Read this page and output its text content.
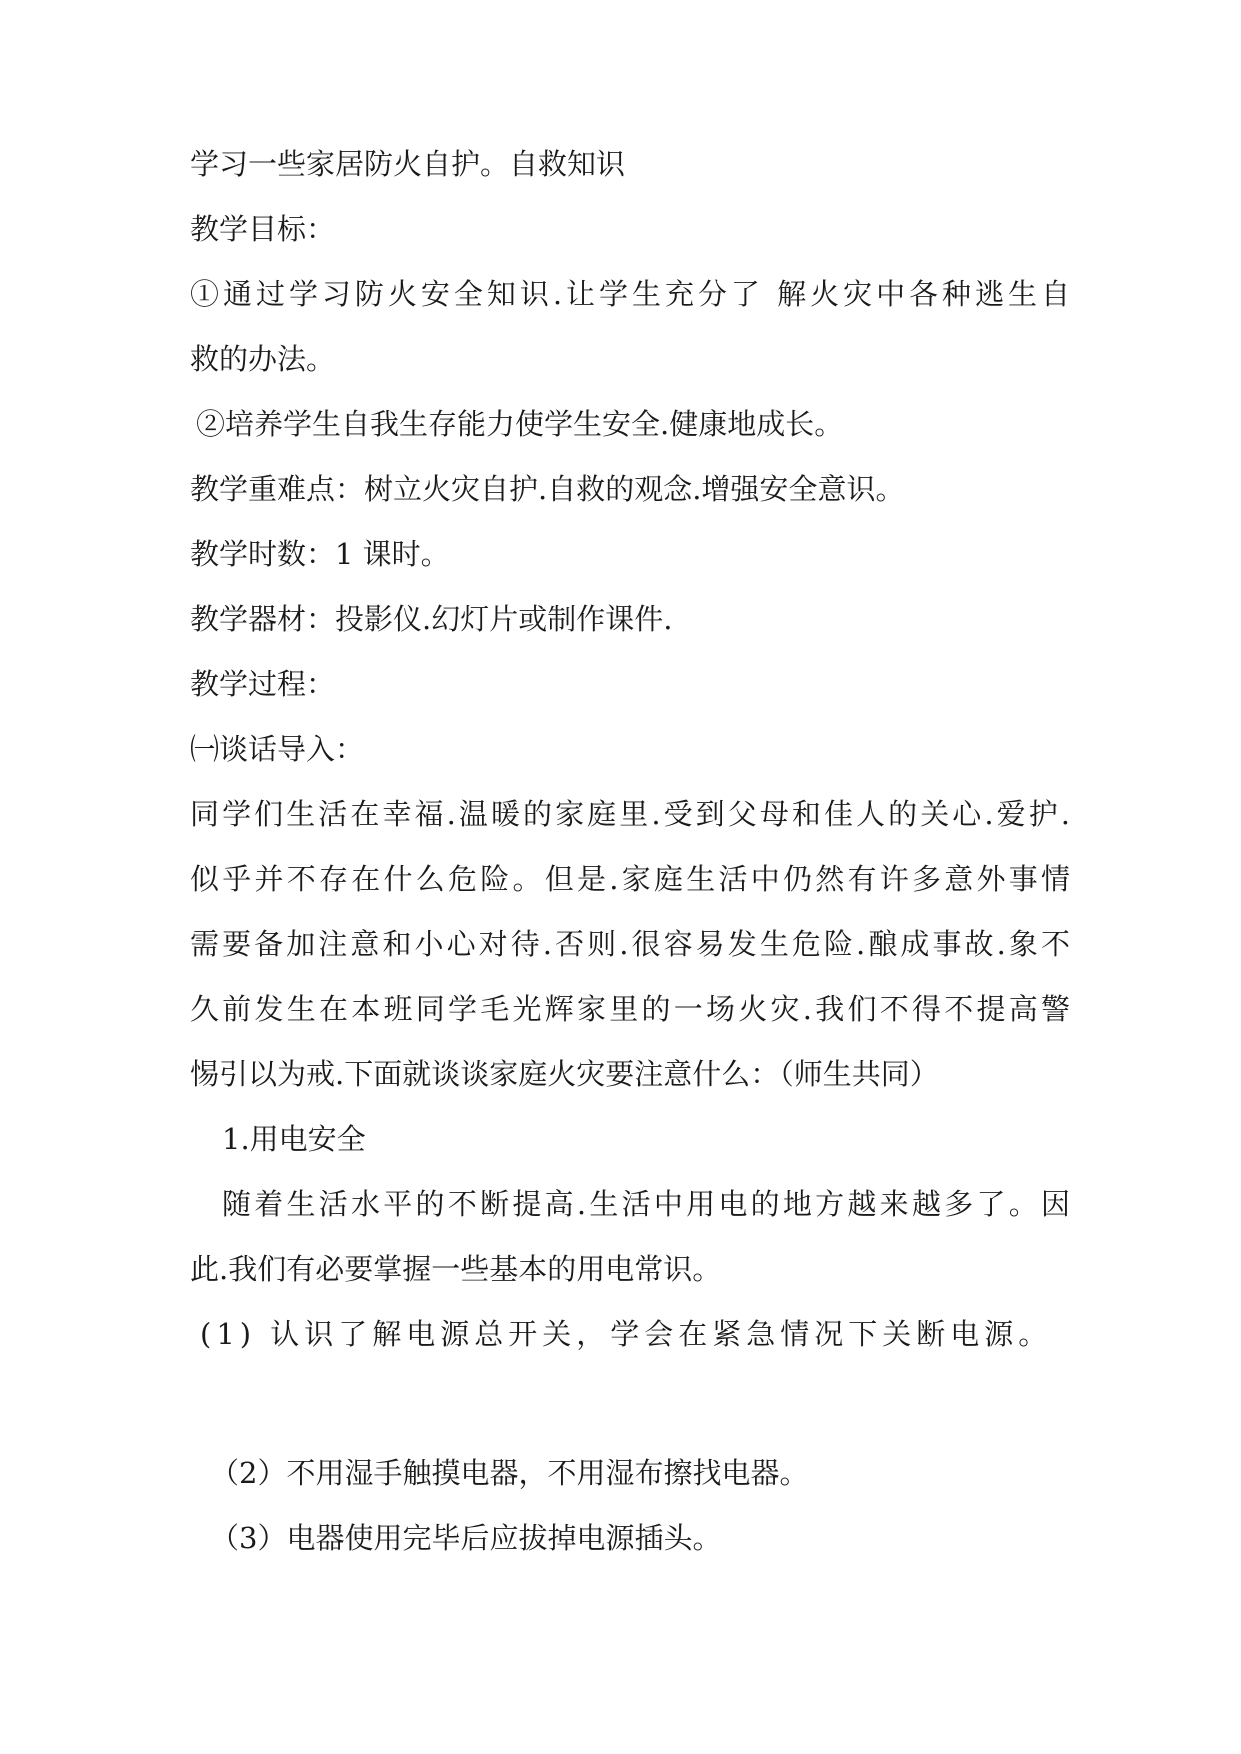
学习一些家居防火自护。自救知识
教学目标：
①通过学习防火安全知识.让学生充分了 解火灾中各种逃生自
救的办法。
②培养学生自我生存能力使学生安全.健康地成长。
教学重难点：树立火灾自护.自救的观念.增强安全意识。
教学时数：1 课时。
教学器材：投影仪.幻灯片或制作课件.
教学过程：
㈠谈话导入：
同学们生活在幸福.温暖的家庭里.受到父母和佳人的关心.爱护.
似乎并不存在什么危险。但是.家庭生活中仍然有许多意外事情
需要备加注意和小心对待.否则.很容易发生危险.酿成事故.象不
久前发生在本班同学毛光辉家里的一场火灾.我们不得不提高警
惕引以为戒.下面就谈谈家庭火灾要注意什么：（师生共同）
1.用电安全
随着生活水平的不断提高.生活中用电的地方越来越多了。因
此.我们有必要掌握一些基本的用电常识。
(1) 认识了解电源总开关，学会在紧急情况下关断电源。
（2）不用湿手触摸电器，不用湿布擦找电器。
（3）电器使用完毕后应拔掉电源插头。
